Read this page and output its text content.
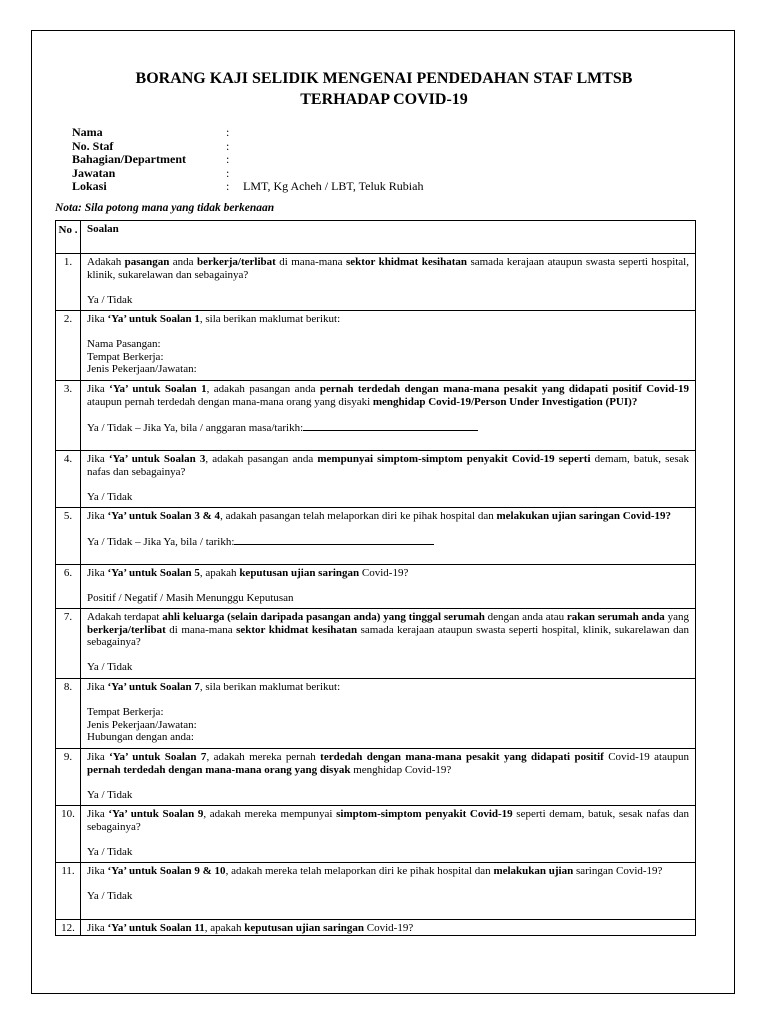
BORANG KAJI SELIDIK MENGENAI PENDEDAHAN STAF LMTSB
TERHADAP COVID-19
Nama	:
No. Staf	:
Bahagian/Department	:
Jawatan	:
Lokasi	: LMT, Kg Acheh / LBT, Teluk Rubiah
Nota: Sila potong mana yang tidak berkenaan
No .	Soalan
1.	Adakah pasangan anda berkerja/terlibat di mana-mana sektor khidmat kesihatan samada kerajaan ataupun swasta seperti hospital, klinik, sukarelawan dan sebagainya?
Ya / Tidak

2.	Jika ‘Ya’ untuk Soalan 1, sila berikan maklumat berikut:
Nama Pasangan:
Tempat Berkerja:
Jenis Pekerjaan/Jawatan:

3.	Jika ‘Ya’ untuk Soalan 1, adakah pasangan anda pernah terdedah dengan mana-mana pesakit yang didapati positif Covid-19 ataupun pernah terdedah dengan mana-mana orang yang disyaki menghidap Covid-19/Person Under Investigation (PUI)?
Ya / Tidak – Jika Ya, bila / anggaran masa/tarikh:

4.	Jika ‘Ya’ untuk Soalan 3, adakah pasangan anda mempunyai simptom-simptom penyakit Covid-19 seperti demam, batuk, sesak nafas dan sebagainya?
Ya / Tidak

5.	Jika ‘Ya’ untuk Soalan 3 & 4, adakah pasangan telah melaporkan diri ke pihak hospital dan melakukan ujian saringan Covid-19?
Ya / Tidak – Jika Ya, bila / tarikh:

6.	Jika ‘Ya’ untuk Soalan 5, apakah keputusan ujian saringan Covid-19?
Positif / Negatif / Masih Menunggu Keputusan

7.	Adakah terdapat ahli keluarga (selain daripada pasangan anda) yang tinggal serumah dengan anda atau rakan serumah anda yang berkerja/terlibat di mana-mana sektor khidmat kesihatan samada kerajaan ataupun swasta seperti hospital, klinik, sukarelawan dan sebagainya?
Ya / Tidak

8.	Jika ‘Ya’ untuk Soalan 7, sila berikan maklumat berikut:
Tempat Berkerja:
Jenis Pekerjaan/Jawatan:
Hubungan dengan anda:

9.	Jika ‘Ya’ untuk Soalan 7, adakah mereka pernah terdedah dengan mana-mana pesakit yang didapati positif Covid-19 ataupun pernah terdedah dengan mana-mana orang yang disyak menghidap Covid-19?
Ya / Tidak

10.	Jika ‘Ya’ untuk Soalan 9, adakah mereka mempunyai simptom-simptom penyakit Covid-19 seperti demam, batuk, sesak nafas dan sebagainya?
Ya / Tidak

11.	Jika ‘Ya’ untuk Soalan 9 & 10, adakah mereka telah melaporkan diri ke pihak hospital dan melakukan ujian saringan Covid-19?
Ya / Tidak

12.	Jika ‘Ya’ untuk Soalan 11, apakah keputusan ujian saringan Covid-19?
